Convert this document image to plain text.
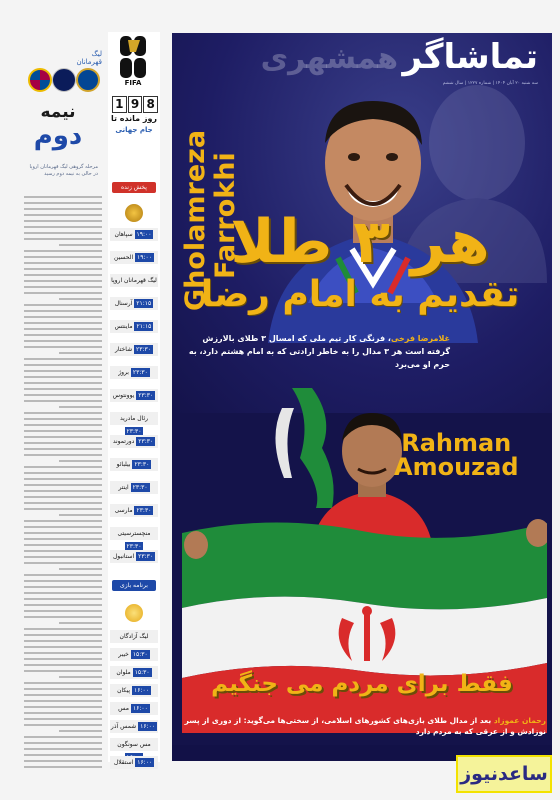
لیگ قهرمانان
نیمه
دوم
مرحله گروهی لیگ قهرمانان اروپا در حالی به نیمه دوم رسید
FIFA
1 9 8
روز مانده تا
جام جهانی
پخش زنده
سپاهان ۱۹:۰۰
الحسین ۱۹:۰۰
لیگ قهرمانان اروپا
آرسنال ۲۱:۱۵
ماینتس ۲۱:۱۵
شاختار ۲۳:۳۰
بروژ ۲۳:۳۰
یوونتوس ۲۳:۳۰
رئال مادرید ۲۳:۳۰
دورتموند ۲۳:۳۰
بیلبائو ۲۳:۳۰
اینتر ۲۳:۳۰
مارسی ۲۳:۳۰
منچسترسیتی ۲۳:۳۰
استانبول ۲۳:۳۰
برنامه بازی
لیگ آزادگان
خیبر ۱۵:۳۰
ملوان ۱۵:۳۰
پیکان ۱۶:۰۰
مس ۱۶:۰۰
شمس آذر	۱۶:۰۰
مس سونگون
استقلال ۱۶:۰۰
همشهری تماشاگر
سه شنبه ۲۰ آبان ۱۴۰۴ | شماره ۱۲۲۷ | سال ششم
Gholamreza Farrokhi
هر ۳ طلا
تقدیم به امام رضا
غلامرضا فرخی، فرنگی کار تیم ملی که امسال ۳ طلای بالارزش گرفته است هر ۳ مدال را به خاطر ارادتی که به امام هشتم دارد، به حرم او می‌برد
Rahman
Amouzad
فقط برای مردم می جنگیم
رحمان عموزاد بعد از مدال طلای بازی‌های کشورهای اسلامی، از سختی‌ها می‌گوید: از دوری از پسر نوزادش و از عرقی که به مردم دارد
ساعدنیوز
